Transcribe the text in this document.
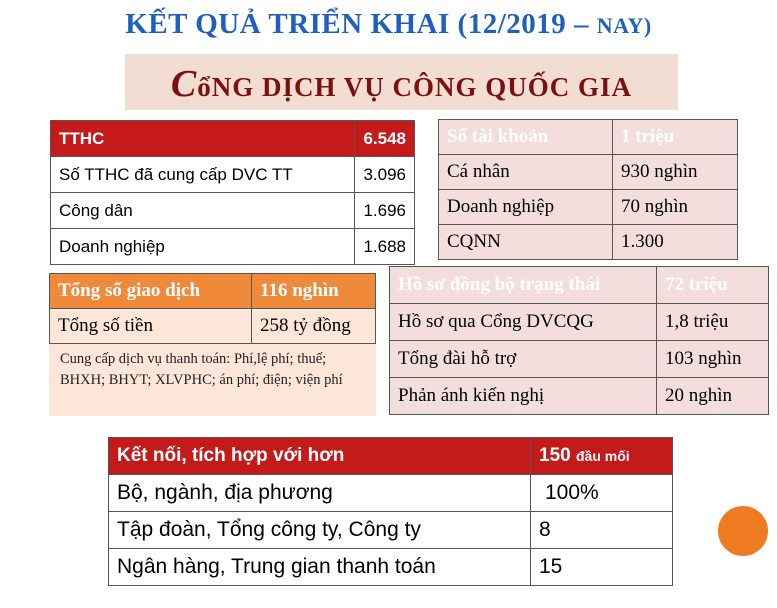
KẾT QUẢ TRIỂN KHAI (12/2019 – NAY)
CổNG DỊCH VỤ CÔNG QUỐC GIA
TTHC	6.548
Số TTHC đã cung cấp DVC TT	3.096
Công dân	1.696
Doanh nghiệp	1.688
Số tài khoản	1 triệu
Cá nhân	930 nghìn
Doanh nghiệp	70 nghìn
CQNN	1.300
Tổng số giao dịch	116 nghìn
Tổng số tiền	258 tỷ đồng
Cung cấp dịch vụ thanh toán: Phí,lệ phí; thuế; BHXH; BHYT; XLVPHC; án phí; điện; viện phí
Hồ sơ đồng bộ trạng thái	72 triệu
Hồ sơ qua Cổng DVCQG	1,8 triệu
Tổng đài hỗ trợ	103 nghìn
Phản ánh kiến nghị	20 nghìn
Kết nối, tích hợp với hơn	150 đầu mối
Bộ, ngành, địa phương	100%
Tập đoàn, Tổng công ty, Công ty	8
Ngân hàng, Trung gian thanh toán	15
